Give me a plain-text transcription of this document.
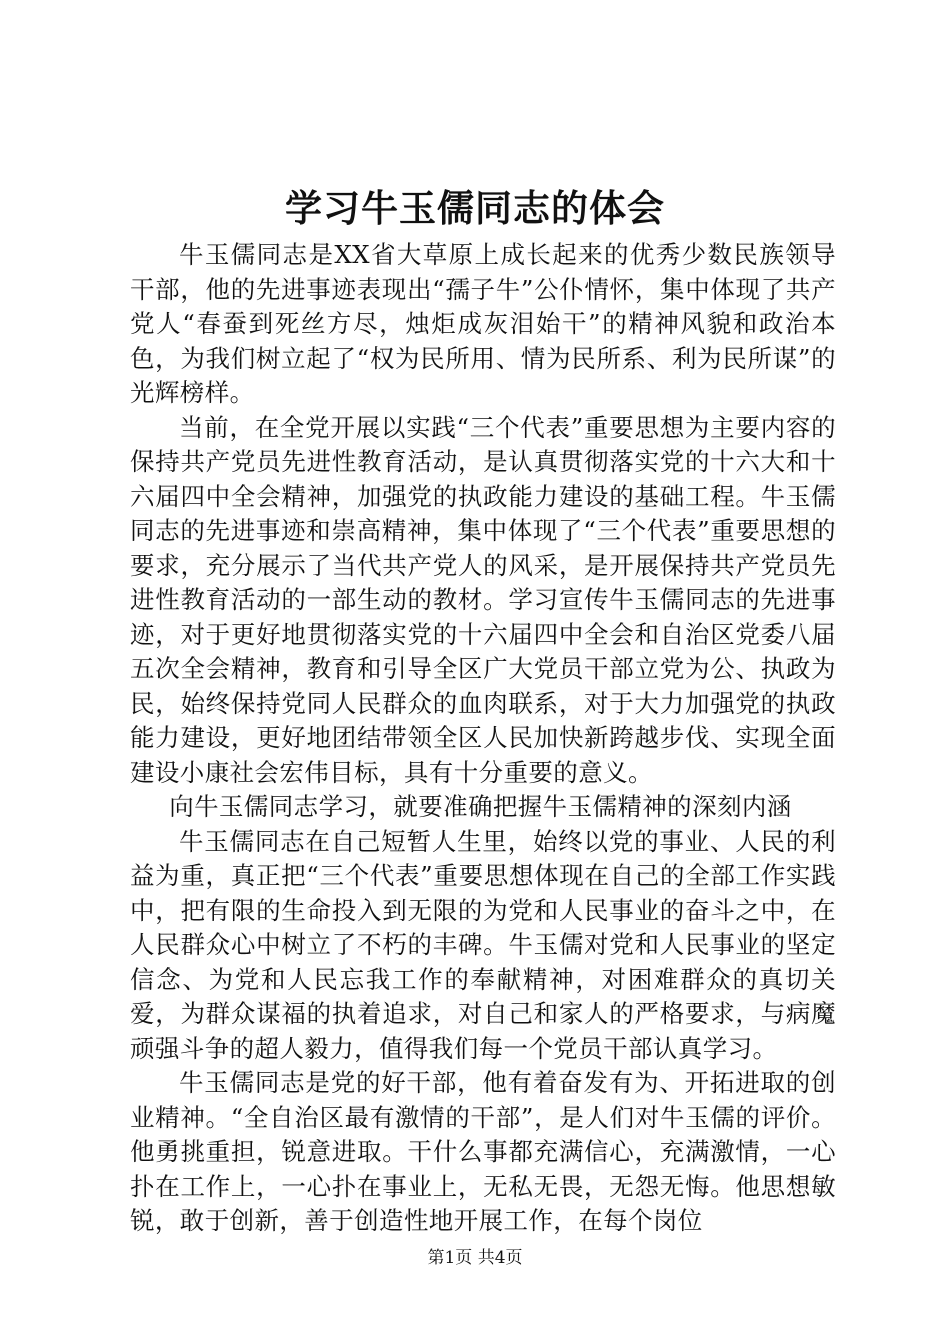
学习牛玉儒同志的体会

牛玉儒同志是XX省大草原上成长起来的优秀少数民族领导干部，他的先进事迹表现出“孺子牛”公仆情怀，集中体现了共产党人“春蚕到死丝方尽，烛炬成灰泪始干”的精神风貌和政治本色，为我们树立起了“权为民所用、情为民所系、利为民所谋”的光辉榜样。

当前，在全党开展以实践“三个代表”重要思想为主要内容的保持共产党员先进性教育活动，是认真贯彻落实党的十六大和十六届四中全会精神，加强党的执政能力建设的基础工程。牛玉儒同志的先进事迹和崇高精神，集中体现了“三个代表”重要思想的要求，充分展示了当代共产党人的风采，是开展保持共产党员先进性教育活动的一部生动的教材。学习宣传牛玉儒同志的先进事迹，对于更好地贯彻落实党的十六届四中全会和自治区党委八届五次全会精神，教育和引导全区广大党员干部立党为公、执政为民，始终保持党同人民群众的血肉联系，对于大力加强党的执政能力建设，更好地团结带领全区人民加快新跨越步伐、实现全面建设小康社会宏伟目标，具有十分重要的意义。

向牛玉儒同志学习，就要准确把握牛玉儒精神的深刻内涵

牛玉儒同志在自己短暂人生里，始终以党的事业、人民的利益为重，真正把“三个代表”重要思想体现在自己的全部工作实践中，把有限的生命投入到无限的为党和人民事业的奋斗之中，在人民群众心中树立了不朽的丰碑。牛玉儒对党和人民事业的坚定信念、为党和人民忘我工作的奉献精神，对困难群众的真切关爱，为群众谋福的执着追求，对自己和家人的严格要求，与病魔顽强斗争的超人毅力，值得我们每一个党员干部认真学习。

牛玉儒同志是党的好干部，他有着奋发有为、开拓进取的创业精神。“全自治区最有激情的干部”，是人们对牛玉儒的评价。他勇挑重担，锐意进取。干什么事都充满信心，充满激情，一心扑在工作上，一心扑在事业上，无私无畏，无怨无悔。他思想敏锐，敢于创新，善于创造性地开展工作，在每个岗位

第1页 共4页
